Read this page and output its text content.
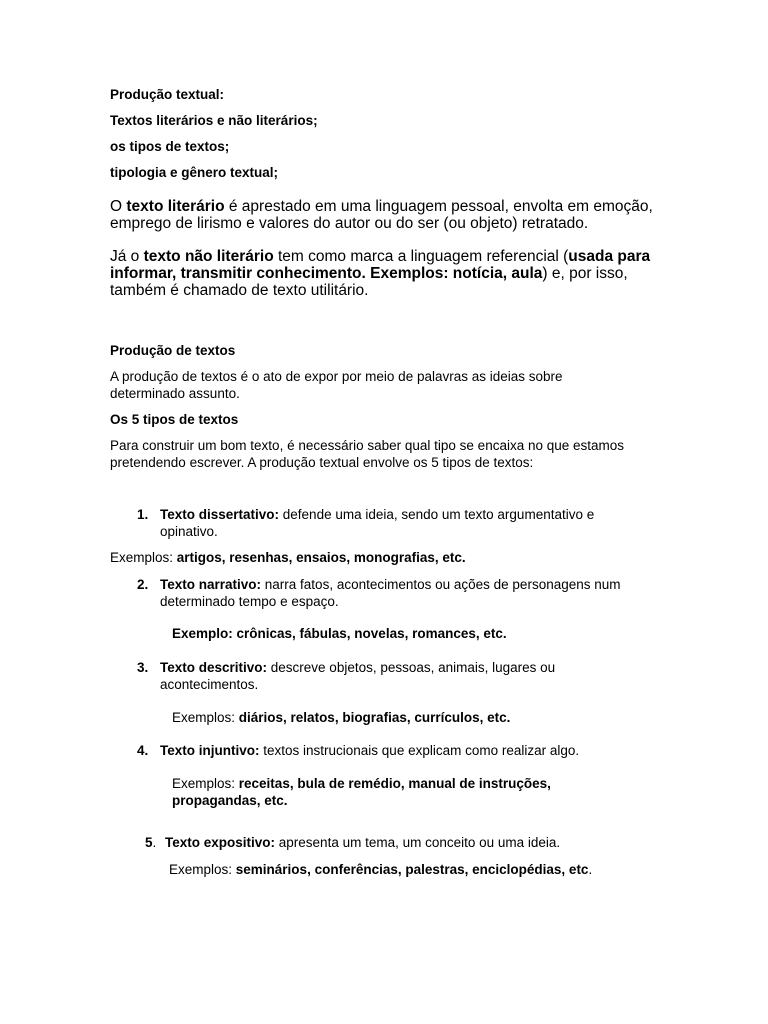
Produção textual:

Textos literários e não literários;

os tipos de textos;

tipologia e gênero textual;

O texto literário é aprestado em uma linguagem pessoal, envolta em emoção, emprego de lirismo e valores do autor ou do ser (ou objeto) retratado.

Já o texto não literário tem como marca a linguagem referencial (usada para informar, transmitir conhecimento. Exemplos: notícia, aula) e, por isso, também é chamado de texto utilitário.

Produção de textos

A produção de textos é o ato de expor por meio de palavras as ideias sobre determinado assunto.

Os 5 tipos de textos

Para construir um bom texto, é necessário saber qual tipo se encaixa no que estamos pretendendo escrever. A produção textual envolve os 5 tipos de textos:

1. Texto dissertativo: defende uma ideia, sendo um texto argumentativo e opinativo.

Exemplos: artigos, resenhas, ensaios, monografias, etc.

2. Texto narrativo: narra fatos, acontecimentos ou ações de personagens num determinado tempo e espaço.

Exemplo: crônicas, fábulas, novelas, romances, etc.

3. Texto descritivo: descreve objetos, pessoas, animais, lugares ou acontecimentos.

Exemplos: diários, relatos, biografias, currículos, etc.

4. Texto injuntivo: textos instrucionais que explicam como realizar algo.

Exemplos: receitas, bula de remédio, manual de instruções, propagandas, etc.

5. Texto expositivo: apresenta um tema, um conceito ou uma ideia.

Exemplos: seminários, conferências, palestras, enciclopédias, etc.
